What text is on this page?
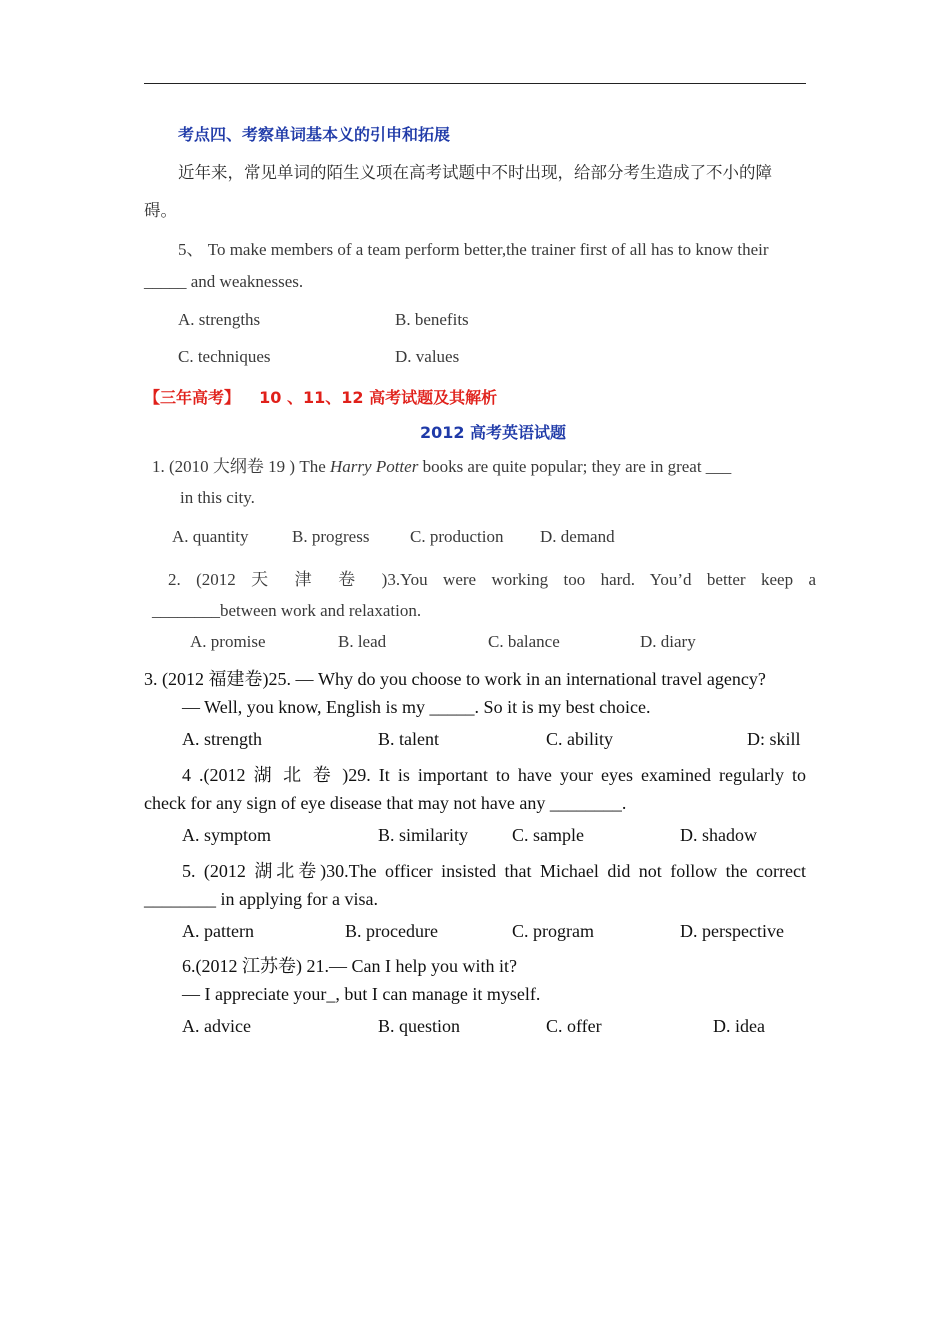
考点四、考察单词基本义的引申和拓展
近年来，常见单词的陌生义项在高考试题中不时出现，给部分考生造成了不小的障
碍。
5、 To make members of a team perform better,the trainer first of all has to know their
_____ and weaknesses.
A. strengths	B. benefits
C. techniques	D. values
【三年高考】 10 、11、12 高考试题及其解析
2012 高考英语试题
1. (2010 大纲卷 19 ) The Harry Potter books are quite popular; they are in great ___
in this city.
A. quantity	B. progress C. production D. demand
2. (2012 天 津 卷 )3.You were working too hard. You’d better keep a
________between work and relaxation.
A. promise	B. lead	C. balance	D. diary
3. (2012 福建卷)25. — Why do you choose to work in an international travel agency?
— Well, you know, English is my _____. So it is my best choice.
A. strength	B. talent	C. ability	D: skill
4 .(2012 湖 北 卷 )29. It is important to have your eyes examined regularly to
check for any sign of eye disease that may not have any ________.
A. symptom	B. similarity C. sample	D. shadow
5. (2012 湖北卷)30.The officer insisted that Michael did not follow the correct
________ in applying for a visa.
A. pattern	B. procedure	C. program	D. perspective
6.(2012 江苏卷) 21.— Can I help you with it?
— I appreciate your_, but I can manage it myself.
A. advice	B. question	C. offer	D. idea
